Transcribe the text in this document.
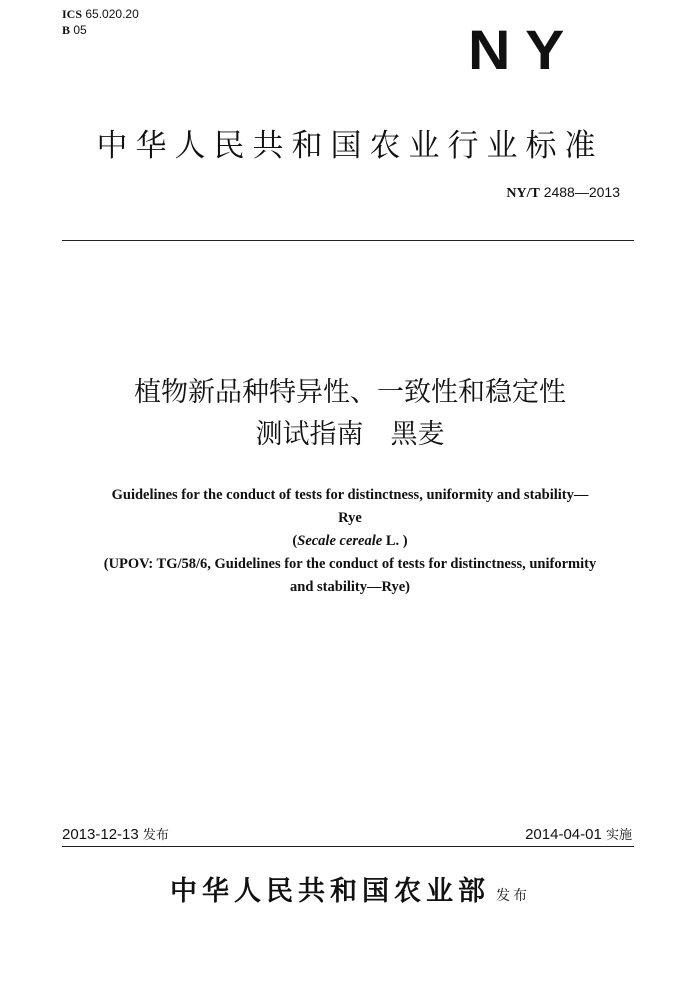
ICS 65.020.20
B 05	NY
中华人民共和国农业行业标准
NY/T 2488—2013
植物新品种特异性、一致性和稳定性
测试指南　黑麦
Guidelines for the conduct of tests for distinctness, uniformity and stability—
Rye
(Secale cereale L. )
(UPOV: TG/58/6, Guidelines for the conduct of tests for distinctness, uniformity
and stability—Rye)
2013-12-13 发布	2014-04-01 实施
中华人民共和国农业部 发布
